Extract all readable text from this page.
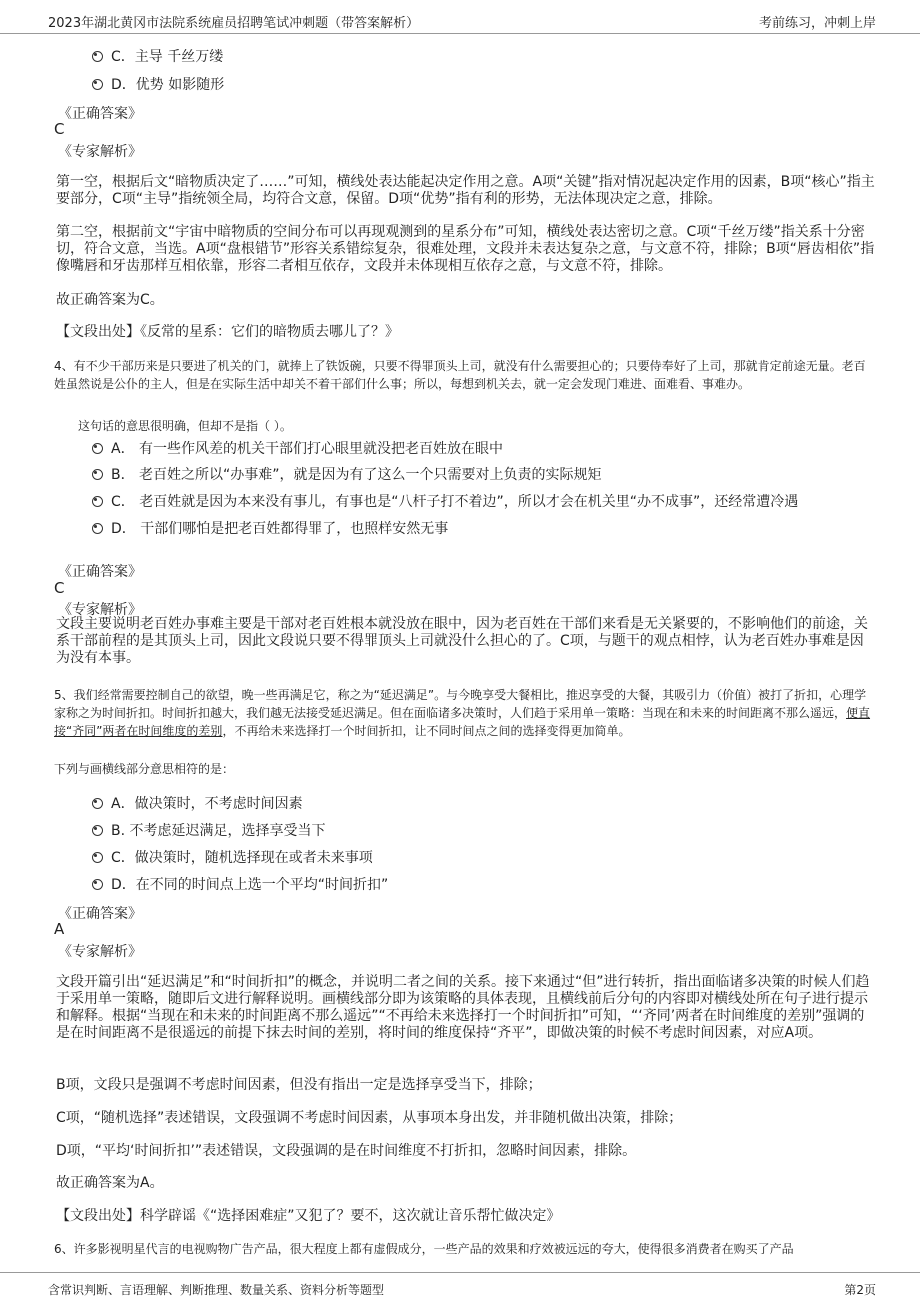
2023年湖北黄冈市法院系统雇员招聘笔试冲刺题（带答案解析）	考前练习，冲刺上岸
C．主导 千丝万缕
D．优势 如影随形
《正确答案》
C
《专家解析》
第一空，根据后文“暗物质决定了……”可知，横线处表达能起决定作用之意。A项“关键”指对情况起决定作用的因素，B项“核心”指主要部分，C项“主导”指统领全局，均符合文意，保留。D项“优势”指有利的形势，无法体现决定之意，排除。
第二空，根据前文“宇宙中暗物质的空间分布可以再现观测到的星系分布”可知，横线处表达密切之意。C项“千丝万缕”指关系十分密切，符合文意，当选。A项“盘根错节”形容关系错综复杂，很难处理，文段并未表达复杂之意，与文意不符，排除；B项“唇齿相依”指像嘴唇和牙齿那样互相依靠，形容二者相互依存，文段并未体现相互依存之意，与文意不符，排除。
故正确答案为C。
【文段出处】《反常的星系：它们的暗物质去哪儿了？》
4、有不少干部历来是只要进了机关的门，就捧上了铁饭碗，只要不得罪顶头上司，就没有什么需要担心的；只要侍奉好了上司，那就肯定前途无量。老百姓虽然说是公仆的主人，但是在实际生活中却关不着干部们什么事；所以，每想到机关去，就一定会发现门难进、面难看、事难办。
这句话的意思很明确，但却不是指（ ）。
A． 有一些作风差的机关干部们打心眼里就没把老百姓放在眼中
B． 老百姓之所以“办事难”，就是因为有了这么一个只需要对上负责的实际规矩
C． 老百姓就是因为本来没有事儿，有事也是“八杆子打不着边”，所以才会在机关里“办不成事”，还经常遭冷遇
D． 干部们哪怕是把老百姓都得罪了，也照样安然无事
《正确答案》
C
《专家解析》
文段主要说明老百姓办事难主要是干部对老百姓根本就没放在眼中，因为老百姓在干部们来看是无关紧要的，不影响他们的前途，关系干部前程的是其顶头上司，因此文段说只要不得罪顶头上司就没什么担心的了。C项，与题干的观点相悖，认为老百姓办事难是因为没有本事。
5、我们经常需要控制自己的欲望，晚一些再满足它，称之为“延迟满足”。与今晚享受大餐相比，推迟享受的大餐，其吸引力（价值）被打了折扣，心理学家称之为时间折扣。时间折扣越大，我们越无法接受延迟满足。但在面临诸多决策时，人们趋于采用单一策略：当现在和未来的时间距离不那么遥远，便直接“齐同”两者在时间维度的差别，不再给未来选择打一个时间折扣，让不同时间点之间的选择变得更加简单。
下列与画横线部分意思相符的是：
A．做决策时，不考虑时间因素
B. 不考虑延迟满足，选择享受当下
C．做决策时，随机选择现在或者未来事项
D．在不同的时间点上选一个平均“时间折扣”
《正确答案》
A
《专家解析》
文段开篇引出“延迟满足”和“时间折扣”的概念，并说明二者之间的关系。接下来通过“但”进行转折，指出面临诸多决策的时候人们趋于采用单一策略，随即后文进行解释说明。画横线部分即为该策略的具体表现，且横线前后分句的内容即对横线处所在句子进行提示和解释。根据“当现在和未来的时间距离不那么遥远”“不再给未来选择打一个时间折扣”可知，“‘齐同’两者在时间维度的差别”强调的是在时间距离不是很遥远的前提下抹去时间的差别，将时间的维度保持“齐平”，即做决策的时候不考虑时间因素，对应A项。
B项，文段只是强调不考虑时间因素，但没有指出一定是选择享受当下，排除；
C项，“随机选择”表述错误，文段强调不考虑时间因素，从事项本身出发，并非随机做出决策，排除；
D项，“平均‘时间折扣’”表述错误，文段强调的是在时间维度不打折扣，忽略时间因素，排除。
故正确答案为A。
【文段出处】科学辟谣《“选择困难症”又犯了？要不，这次就让音乐帮忙做决定》
6、许多影视明星代言的电视购物广告产品，很大程度上都有虚假成分，一些产品的效果和疗效被远远的夸大，使得很多消费者在购买了产品
含常识判断、言语理解、判断推理、数量关系、资料分析等题型	第2页
